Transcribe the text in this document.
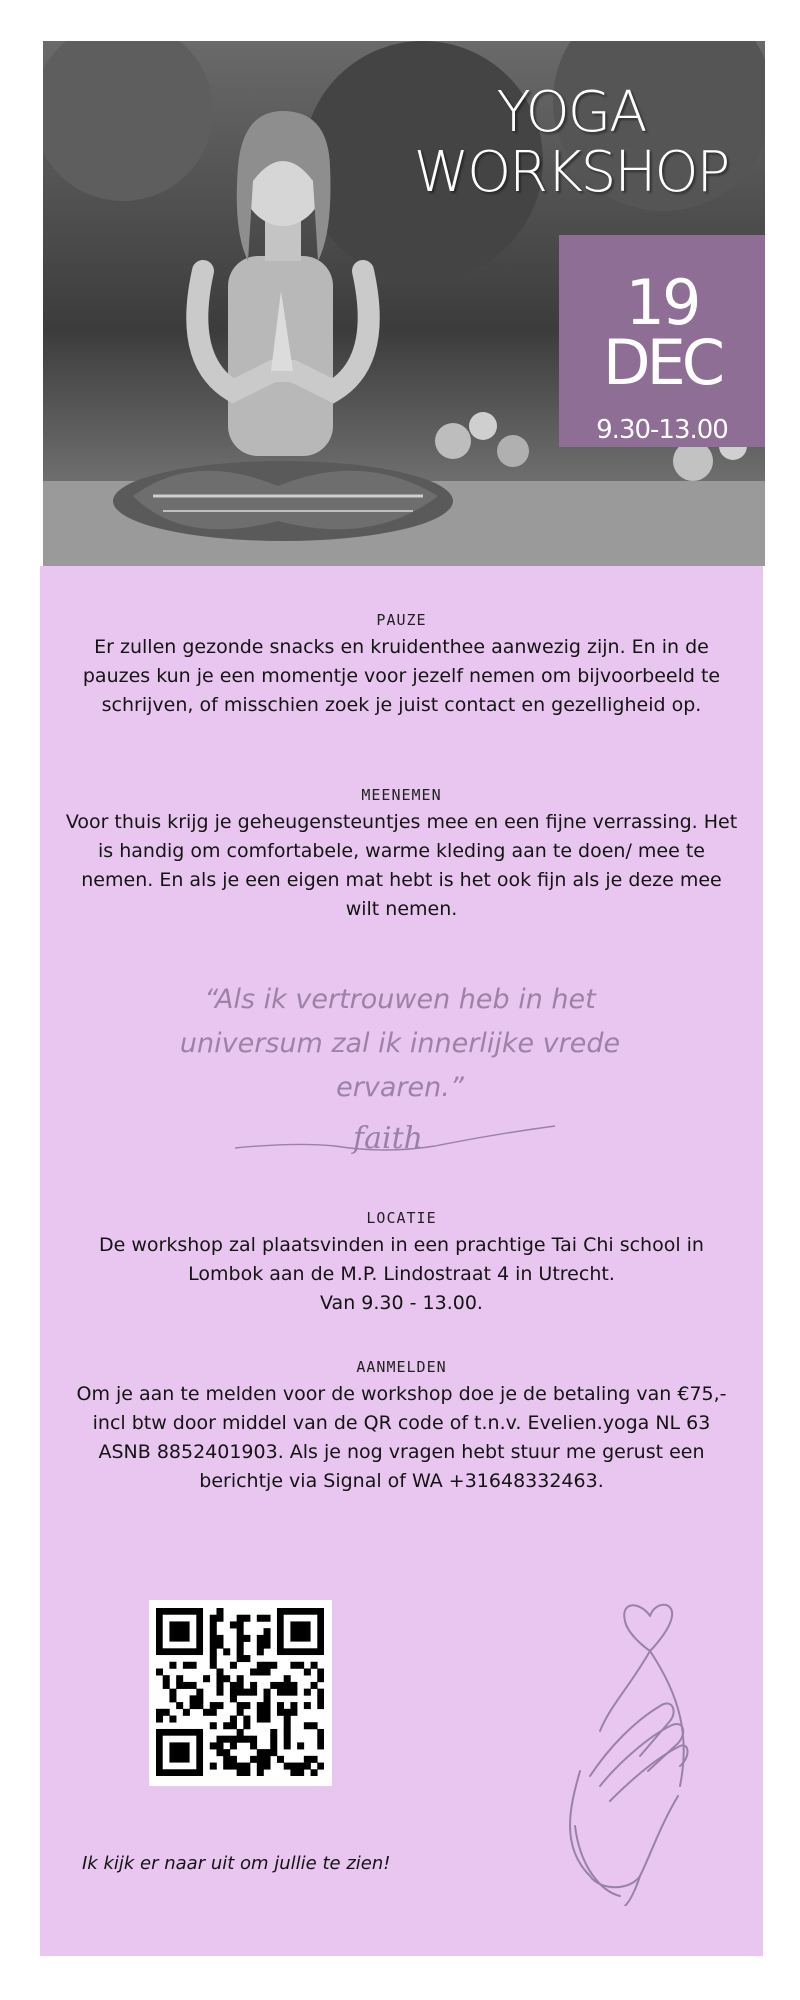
YOGA
WORKSHOP
19
DEC
9.30-13.00
PAUZE

Er zullen gezonde snacks en kruidenthee aanwezig zijn. En in de pauzes kun je een momentje voor jezelf nemen om bijvoorbeeld te schrijven, of misschien zoek je juist contact en gezelligheid op.

MEENEMEN

Voor thuis krijg je geheugensteuntjes mee en een fijne verrassing. Het is handig om comfortabele, warme kleding aan te doen/ mee te nemen. En als je een eigen mat hebt is het ook fijn als je deze mee wilt nemen.

“Als ik vertrouwen heb in het universum zal ik innerlijke vrede ervaren.”
faith
LOCATIE

De workshop zal plaatsvinden in een prachtige Tai Chi school in Lombok aan de M.P. Lindostraat 4 in Utrecht.

Van 9.30 - 13.00.

AANMELDEN

Om je aan te melden voor de workshop doe je de betaling van €75,- incl btw door middel van de QR code of t.n.v. Evelien.yoga NL 63 ASNB 8852401903. Als je nog vragen hebt stuur me gerust een berichtje via Signal of WA +31648332463.

Ik kijk er naar uit om jullie te zien!
